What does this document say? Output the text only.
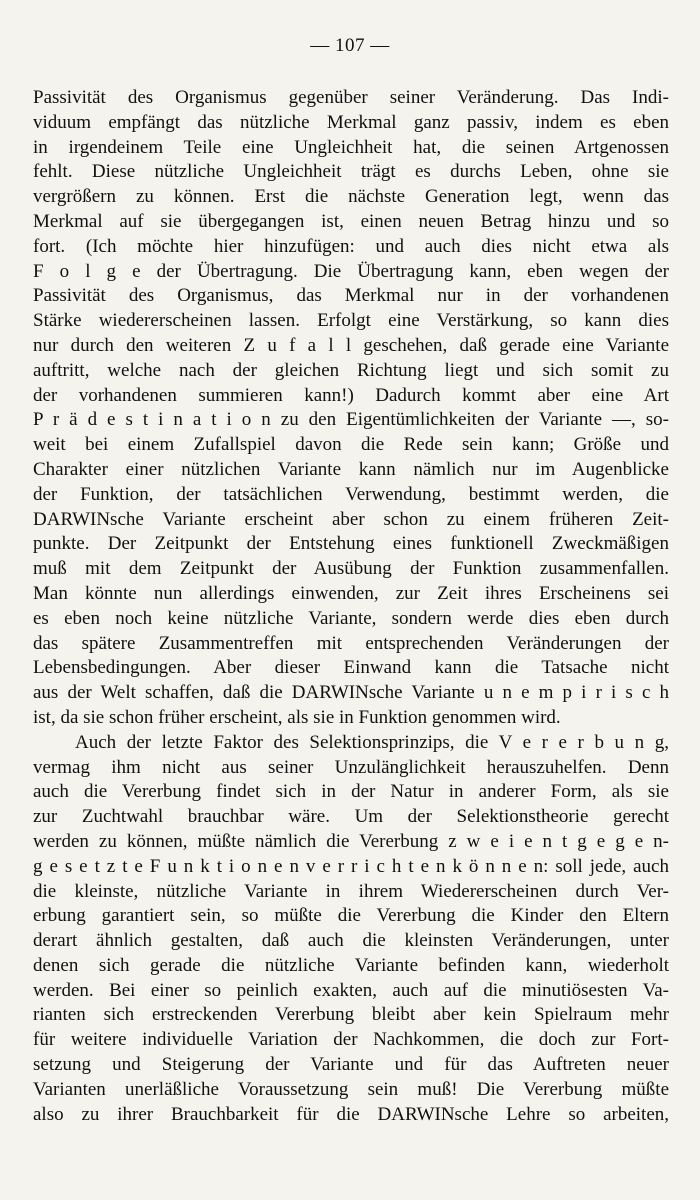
— 107 —
Passivität des Organismus gegenüber seiner Veränderung. Das Indi-
viduum empfängt das nützliche Merkmal ganz passiv, indem es eben
in irgendeinem Teile eine Ungleichheit hat, die seinen Artgenossen
fehlt. Diese nützliche Ungleichheit trägt es durchs Leben, ohne sie
vergrößern zu können. Erst die nächste Generation legt, wenn das
Merkmal auf sie übergegangen ist, einen neuen Betrag hinzu und so
fort. (Ich möchte hier hinzufügen: und auch dies nicht etwa als
F o l g e der Übertragung. Die Übertragung kann, eben wegen der
Passivität des Organismus, das Merkmal nur in der vorhandenen
Stärke wiedererscheinen lassen. Erfolgt eine Verstärkung, so kann dies
nur durch den weiteren Z u f a l l geschehen, daß gerade eine Variante
auftritt, welche nach der gleichen Richtung liegt und sich somit zu
der vorhandenen summieren kann!) Dadurch kommt aber eine Art
P r ä d e s t i n a t i o n zu den Eigentümlichkeiten der Variante —, so-
weit bei einem Zufallspiel davon die Rede sein kann; Größe und
Charakter einer nützlichen Variante kann nämlich nur im Augenblicke
der Funktion, der tatsächlichen Verwendung, bestimmt werden, die
DARWINsche Variante erscheint aber schon zu einem früheren Zeit-
punkte. Der Zeitpunkt der Entstehung eines funktionell Zweckmäßigen
muß mit dem Zeitpunkt der Ausübung der Funktion zusammenfallen.
Man könnte nun allerdings einwenden, zur Zeit ihres Erscheinens sei
es eben noch keine nützliche Variante, sondern werde dies eben durch
das spätere Zusammentreffen mit entsprechenden Veränderungen der
Lebensbedingungen. Aber dieser Einwand kann die Tatsache nicht
aus der Welt schaffen, daß die DARWINsche Variante u n e m p i r i s c h
ist, da sie schon früher erscheint, als sie in Funktion genommen wird.
Auch der letzte Faktor des Selektionsprinzips, die V e r e r b u n g,
vermag ihm nicht aus seiner Unzulänglichkeit herauszuhelfen. Denn
auch die Vererbung findet sich in der Natur in anderer Form, als sie
zur Zuchtwahl brauchbar wäre. Um der Selektionstheorie gerecht
werden zu können, müßte nämlich die Vererbung z w e i e n t g e g e n-
g e s e t z t e F u n k t i o n e n v e r r i c h t e n k ö n n e n: soll jede, auch
die kleinste, nützliche Variante in ihrem Wiedererscheinen durch Ver-
erbung garantiert sein, so müßte die Vererbung die Kinder den Eltern
derart ähnlich gestalten, daß auch die kleinsten Veränderungen, unter
denen sich gerade die nützliche Variante befinden kann, wiederholt
werden. Bei einer so peinlich exakten, auch auf die minutiösesten Va-
rianten sich erstreckenden Vererbung bleibt aber kein Spielraum mehr
für weitere individuelle Variation der Nachkommen, die doch zur Fort-
setzung und Steigerung der Variante und für das Auftreten neuer
Varianten unerläßliche Voraussetzung sein muß! Die Vererbung müßte
also zu ihrer Brauchbarkeit für die DARWINsche Lehre so arbeiten,
